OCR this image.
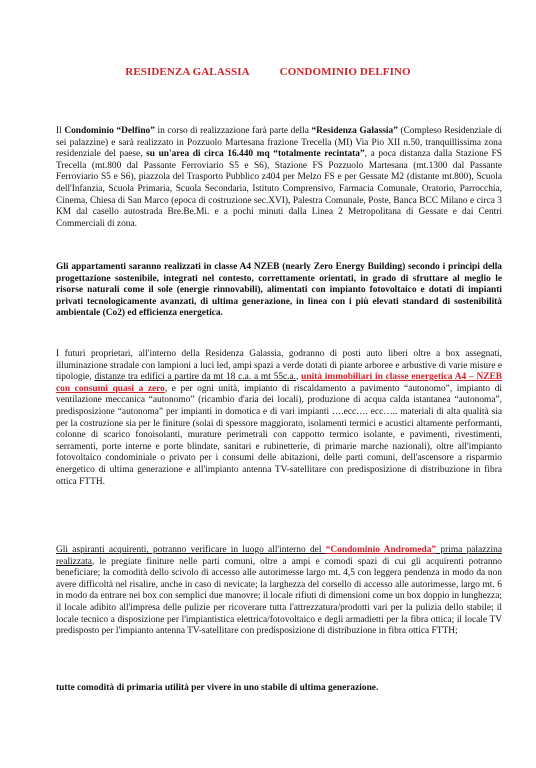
RESIDENZA GALASSIA	CONDOMINIO DELFINO

Il Condominio “Delfino” in corso di realizzazione farà parte della “Residenza Galassia” (Compleso Residenziale di sei palazzine) e sarà realizzato in Pozzuolo Martesana frazione Trecella (MI) Via Pio XII n.50, tranquillissima zona residenziale del paese, su un'area di circa 16.440 mq “totalmente recintata”, a poca distanza dalla Stazione FS Trecella (mt.800 dal Passante Ferroviario S5 e S6), Stazione FS Pozzuolo Martesana (mt.1300 dal Passante Ferroviario S5 e S6), piazzola del Trasporto Pubblico z404 per Melzo FS e per Gessate M2 (distante mt.800), Scuola dell'Infanzia, Scuola Primaria, Scuola Secondaria, Istituto Comprensivo, Farmacia Comunale, Oratorio, Parrocchia, Cinema, Chiesa di San Marco (epoca di costruzione sec.XVI), Palestra Comunale, Poste, Banca BCC Milano e circa 3 KM dal casello autostrada Bre.Be.Mi. e a pochi minuti dalla Linea 2 Metropolitana di Gessate e dai Centri Commerciali di zona.

Gli appartamenti saranno realizzati in classe A4 NZEB (nearly Zero Energy Building) secondo i principi della progettazione sostenibile, integrati nel contesto, correttamente orientati, in grado di sfruttare al meglio le risorse naturali come il sole (energie rinnovabili), alimentati con impianto fotovoltaico e dotati di impianti privati tecnologicamente avanzati, di ultima generazione, in linea con i più elevati standard di sostenibilità ambientale (Co2) ed efficienza energetica.

I futuri proprietari, all'interno della Residenza Galassia, godranno di posti auto liberi oltre a box assegnati, illuminazione stradale con lampioni a luci led, ampi spazi a verde dotati di piante arboree e arbustive di varie misure e tipologie, distanze tra edifici a partire da mt 18 c.a. a mt 55c.a., unità immobiliari in classe energetica A4 – NZEB con consumi quasi a zero, e per ogni unità, impianto di riscaldamento a pavimento “autonomo”, impianto di ventilazione meccanica “autonomo” (ricambio d'aria dei locali), produzione di acqua calda istantanea “autonoma”, predisposizione “autonoma” per impianti in domotica e di vari impianti ….ecc…. ecc….. materiali di alta qualità sia per la costruzione sia per le finiture (solai di spessore maggiorato, isolamenti termici e acustici altamente performanti, colonne di scarico fonoisolanti, murature perimetrali con cappotto termico isolante, e pavimenti, rivestimenti, serramenti, porte interne e porte blindate, sanitari e rubinetterie, di primarie marche nazionali), oltre all'impianto fotovoltaico condominiale o privato per i consumi delle abitazioni, delle parti comuni, dell'ascensore a risparmio energetico di ultima generazione e all'impianto antenna TV-satellitare con predisposizione di distribuzione in fibra ottica FTTH.

Gli aspiranti acquirenti, potranno verificare in luogo all'interno del “Condominio Andromeda” prima palazzina realizzata, le pregiate finiture nelle parti comuni, oltre a ampi e comodi spazi di cui gli acquirenti potranno beneficiare; la comodità dello scivolo di accesso alle autorimesse largo mt. 4,5 con leggera pendenza in modo da non avere difficoltà nel risalire, anche in caso di nevicate; la larghezza del corsello di accesso alle autorimesse, largo mt. 6 in modo da entrare nei box con semplici due manovre; il locale rifiuti di dimensioni come un box doppio in lunghezza; il locale adibito all'impresa delle pulizie per ricoverare tutta l'attrezzatura/prodotti vari per la pulizia dello stabile; il locale tecnico a disposizione per l'impiantistica elettrica/fotovoltaico e degli armadietti per la fibra ottica; il locale TV predisposto per l'impianto antenna TV-satellitare con predisposizione di distribuzione in fibra ottica FTTH;

tutte comodità di primaria utilità per vivere in uno stabile di ultima generazione.
